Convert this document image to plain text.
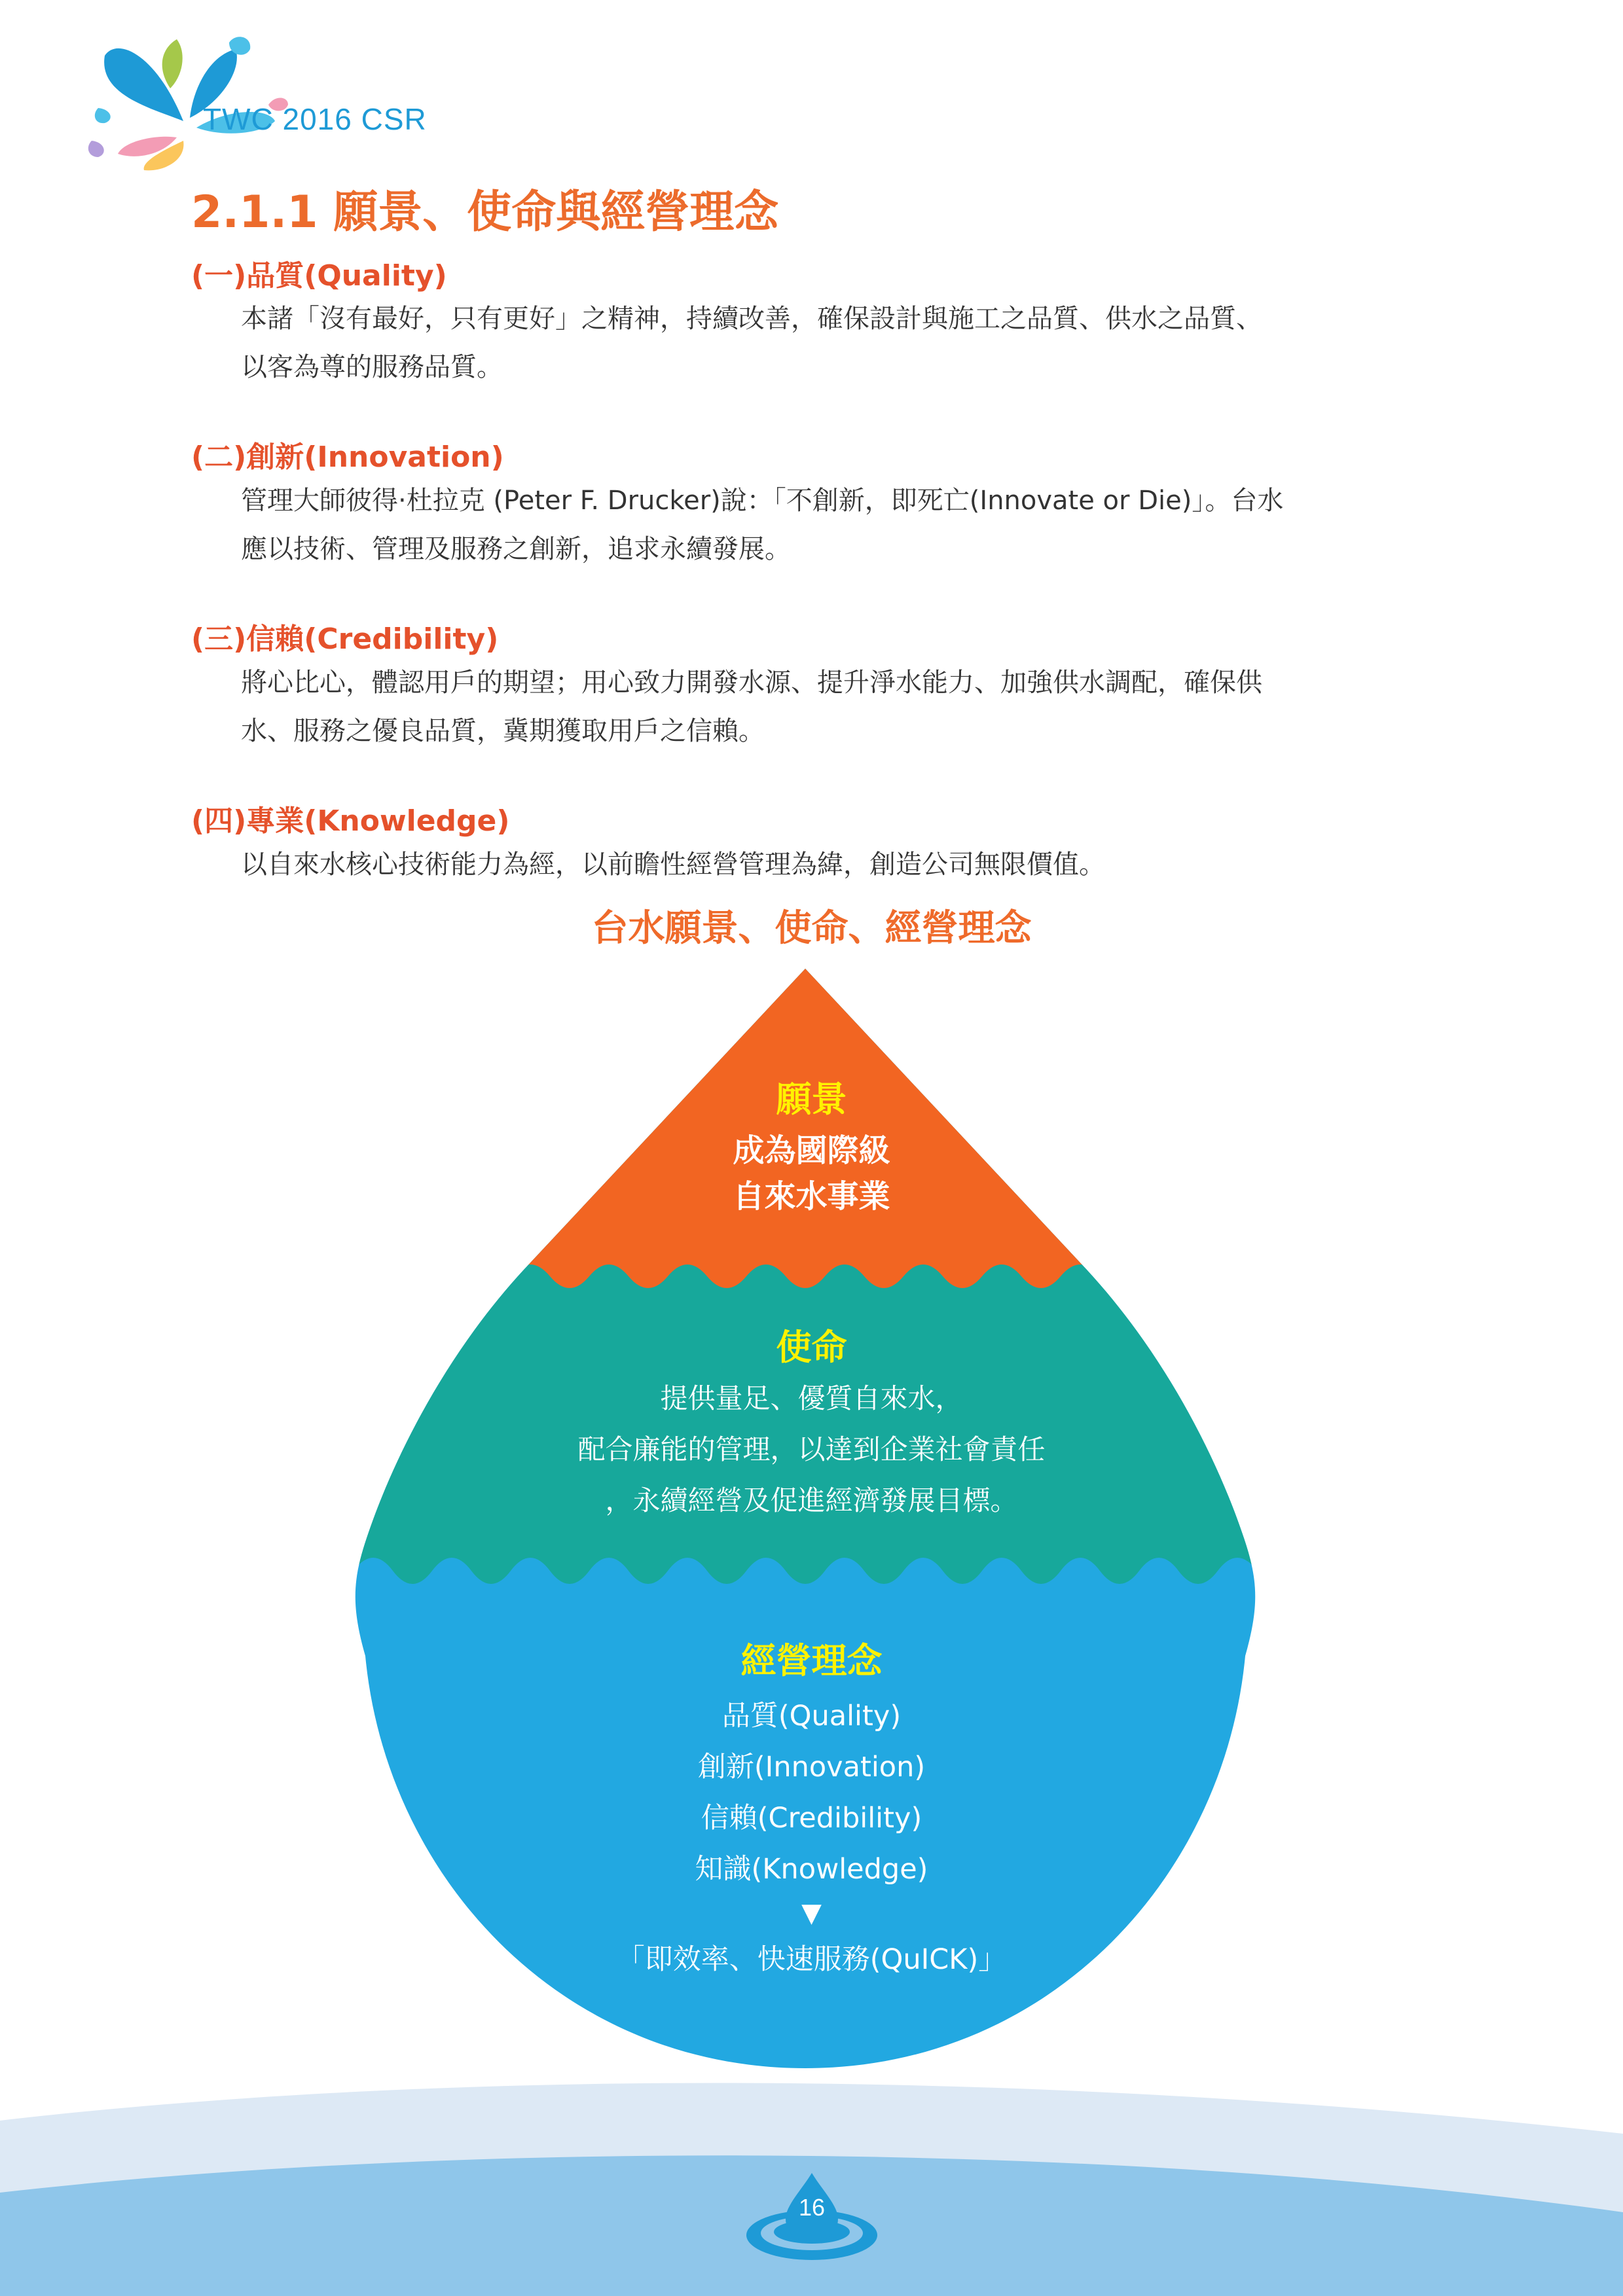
TWC 2016 CSR
2.1.1 願景、使命與經營理念
(一)品質(Quality)
本諸「沒有最好，只有更好」之精神，持續改善，確保設計與施工之品質、供水之品質、
以客為尊的服務品質。
(二)創新(Innovation)
管理大師彼得·杜拉克 (Peter F. Drucker)說：「不創新，即死亡(Innovate or Die)」。台水
應以技術、管理及服務之創新，追求永續發展。
(三)信賴(Credibility)
將心比心，體認用戶的期望；用心致力開發水源、提升淨水能力、加強供水調配，確保供
水、服務之優良品質，冀期獲取用戶之信賴。
(四)專業(Knowledge)
以自來水核心技術能力為經，以前瞻性經營管理為緯，創造公司無限價值。
台水願景、使命、經營理念
願景
成為國際級
自來水事業
使命
提供量足、優質自來水，
配合廉能的管理，以達到企業社會責任
，永續經營及促進經濟發展目標。
經營理念
品質(Quality)
創新(Innovation)
信賴(Credibility)
知識(Knowledge)
▼
「即效率、快速服務(QuICK)」
16
